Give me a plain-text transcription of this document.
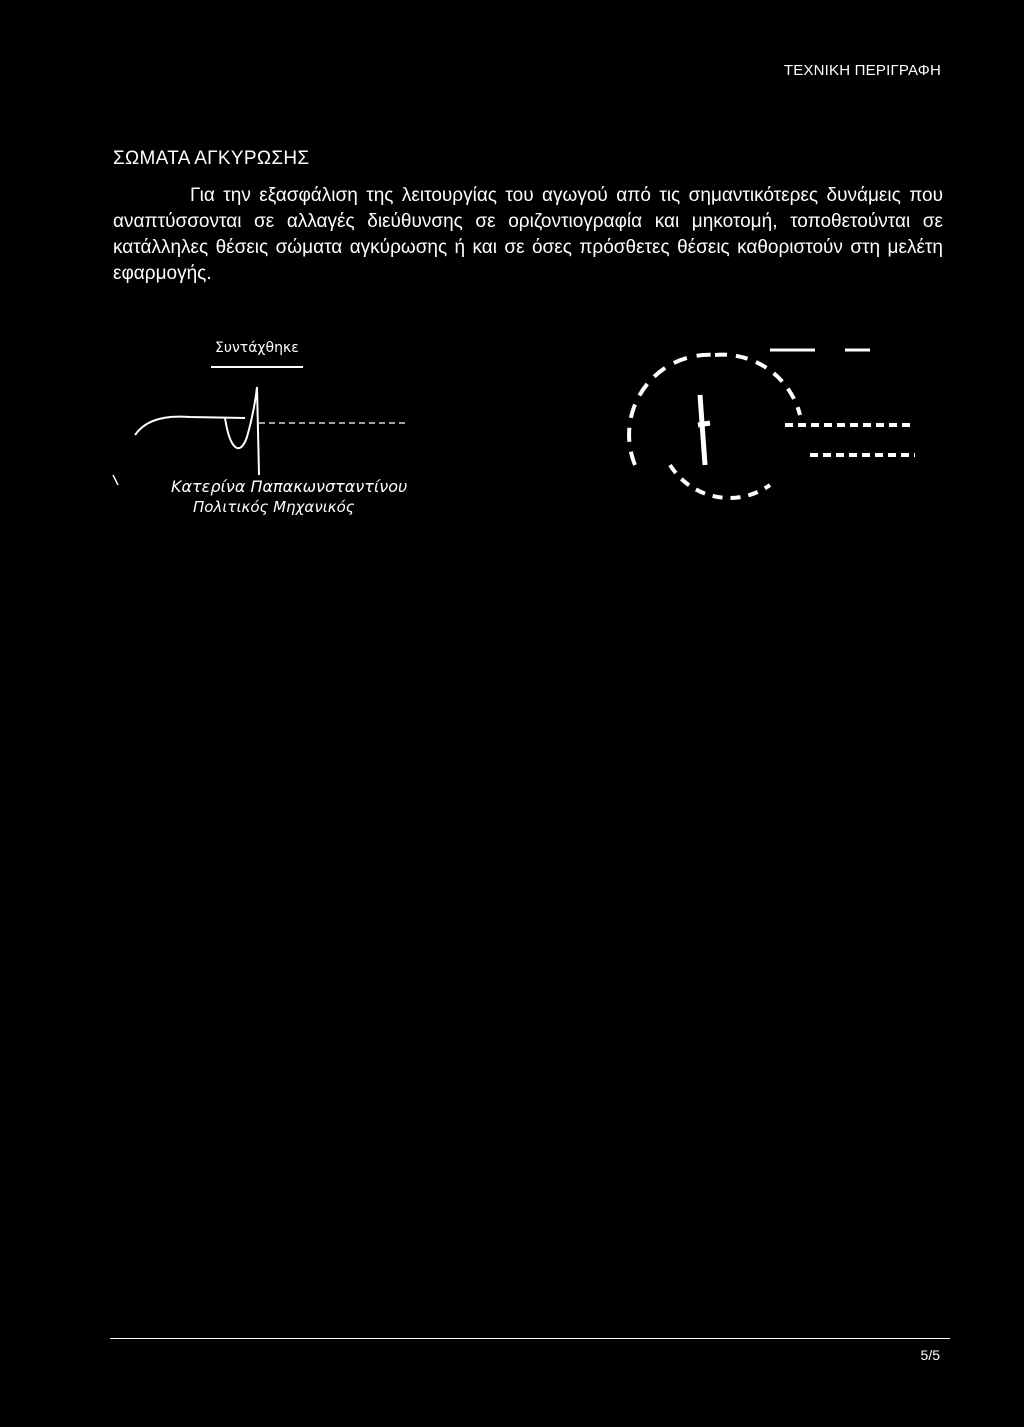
ΤΕΧΝΙΚΗ ΠΕΡΙΓΡΑΦΗ
ΣΩΜΑΤΑ ΑΓΚΥΡΩΣΗΣ
Για την εξασφάλιση της λειτουργίας του αγωγού από τις σημαντικότερες δυνάμεις που αναπτύσσονται σε αλλαγές διεύθυνσης σε οριζοντιογραφία και μηκοτομή, τοποθετούνται σε κατάλληλες θέσεις σώματα αγκύρωσης ή και σε όσες πρόσθετες θέσεις καθοριστούν στη μελέτη εφαρμογής.
Συντάχθηκε
Κατερίνα Παπακωνσταντίνου
Πολιτικός Μηχανικός
5/5
